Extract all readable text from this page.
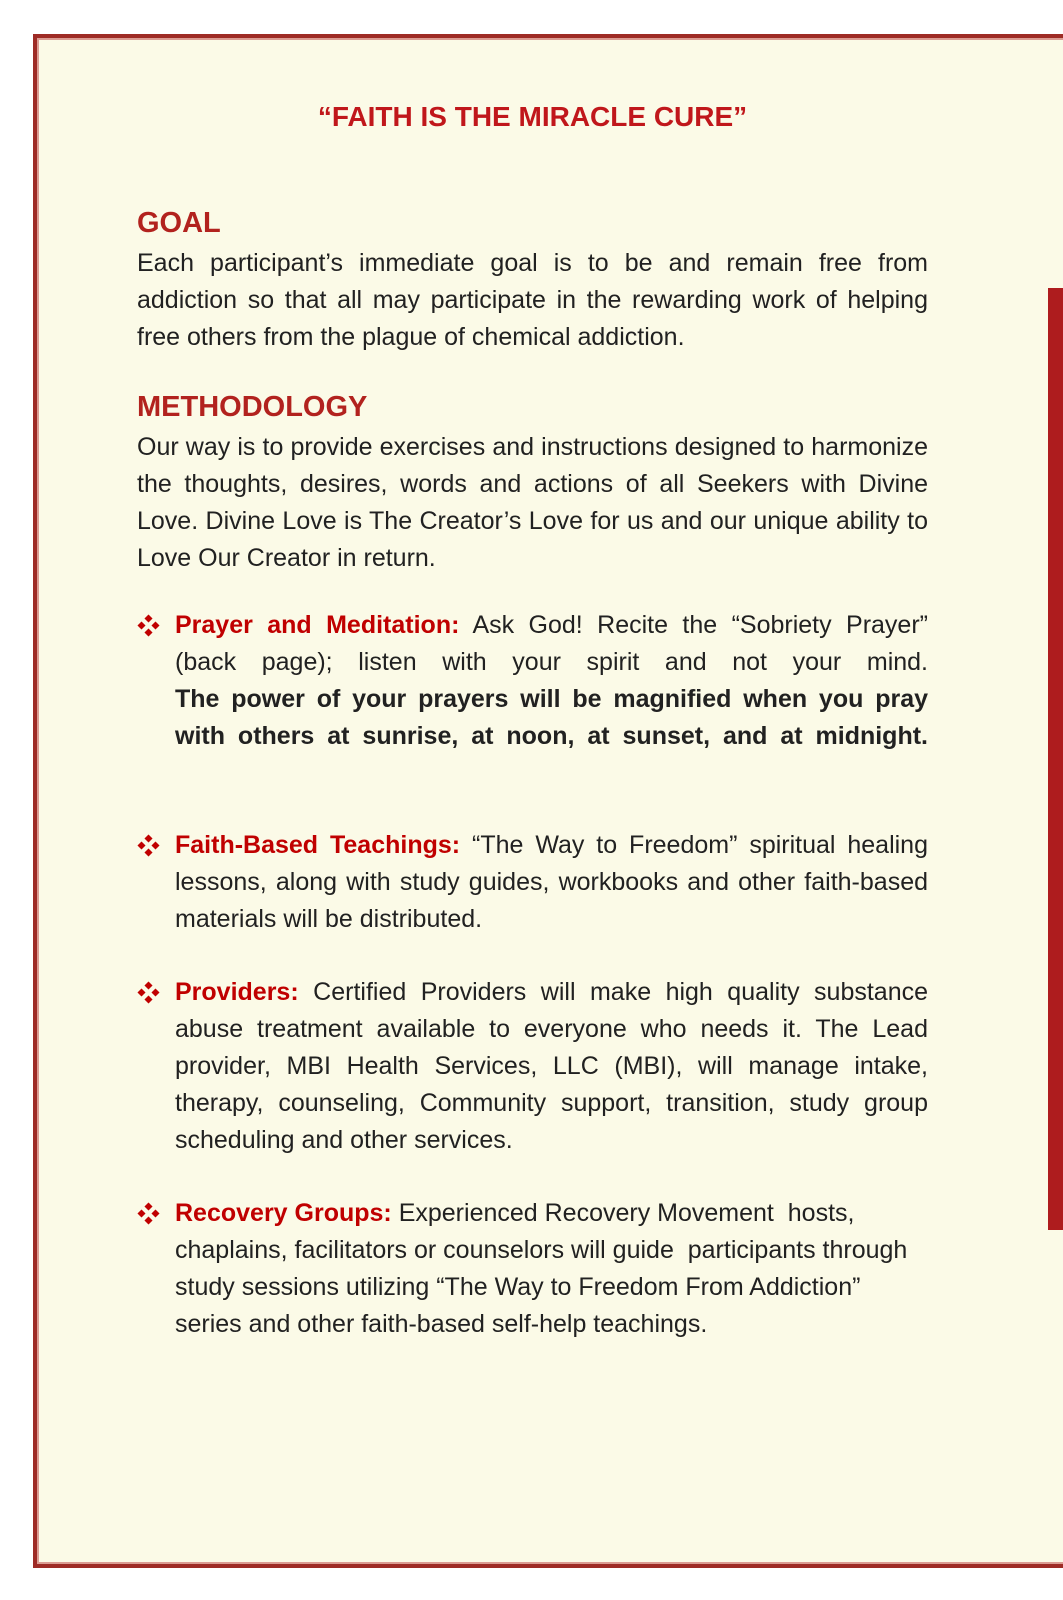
“FAITH IS THE MIRACLE CURE”
GOAL

Each participant’s immediate goal is to be and remain free from addiction so that all may participate in the rewarding work of helping free others from the plague of chemical addiction.

METHODOLOGY

Our way is to provide exercises and instructions designed to harmonize the thoughts, desires, words and actions of all Seekers with Divine Love. Divine Love is The Creator’s Love for us and our unique ability to Love Our Creator in return.

Prayer and Meditation: Ask God! Recite the “Sobriety Prayer” (back page); listen with your spirit and not your mind.

The power of your prayers will be magnified when you pray with others at sunrise, at noon, at sunset, and at midnight.

Faith-Based Teachings: “The Way to Freedom” spiritual healing lessons, along with study guides, workbooks and other faith-based materials will be distributed.

Providers: Certified Providers will make high quality substance abuse treatment available to everyone who needs it. The Lead provider, MBI Health Services, LLC (MBI), will manage intake, therapy, counseling, Community support, transition, study group scheduling and other services.

Recovery Groups: Experienced Recovery Movement  hosts, chaplains, facilitators or counselors will guide  participants through study sessions utilizing “The Way to Freedom From Addiction” series and other faith-based self-help teachings.
